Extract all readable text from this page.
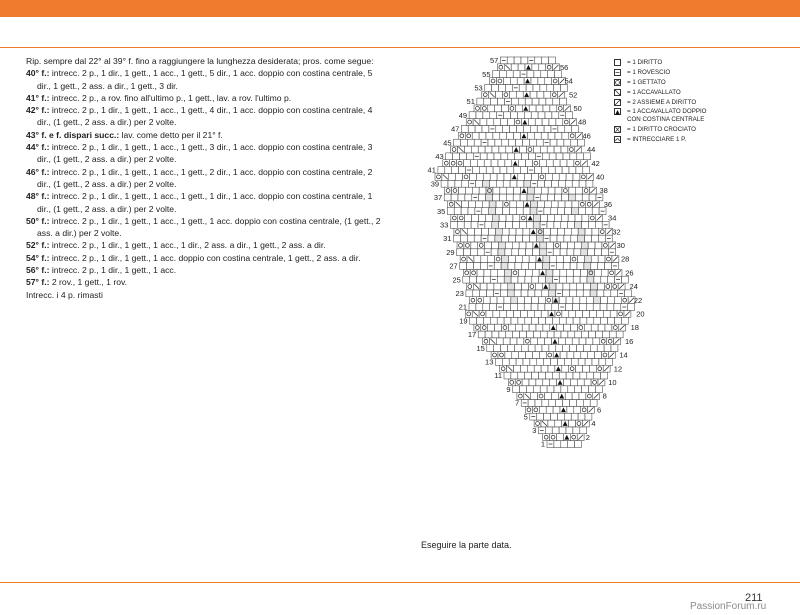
Rip. sempre dal 22° al 39° f. fino a raggiungere la lunghezza desiderata; pros. come segue:

40° f.: intrecc. 2 p., 1 dir., 1 gett., 1 acc., 1 gett., 5 dir., 1 acc. doppio con costina centrale, 5 dir., 1 gett., 2 ass. a dir., 1 gett., 3 dir.

41° f.: intrecc. 2 p., a rov. fino all'ultimo p., 1 gett., lav. a rov. l'ultimo p.

42° f.: intrecc. 2 p., 1 dir., 1 gett., 1 acc., 1 gett., 4 dir., 1 acc. doppio con costina centrale, 4 dir., (1 gett., 2 ass. a dir.) per 2 volte.

43° f. e f. dispari succ.: lav. come detto per il 21° f.

44° f.: intrecc. 2 p., 1 dir., 1 gett., 1 acc., 1 gett., 3 dir., 1 acc. doppio con costina centrale, 3 dir., (1 gett., 2 ass. a dir.) per 2 volte.

46° f.: intrecc. 2 p., 1 dir., 1 gett., 1 acc., 1 gett., 2 dir., 1 acc. doppio con costina centrale, 2 dir., (1 gett., 2 ass. a dir.) per 2 volte.

48° f.: intrecc. 2 p., 1 dir., 1 gett., 1 acc., 1 gett., 1 dir., 1 acc. doppio con costina centrale, 1 dir., (1 gett., 2 ass. a dir.) per 2 volte.

50° f.: intrecc. 2 p., 1 dir., 1 gett., 1 acc., 1 gett., 1 acc. doppio con costina centrale, (1 gett., 2 ass. a dir.) per 2 volte.

52° f.: intrecc. 2 p., 1 dir., 1 gett., 1 acc., 1 dir., 2 ass. a dir., 1 gett., 2 ass. a dir.

54° f.: intrecc. 2 p., 1 dir., 1 gett., 1 acc. doppio con costina centrale, 1 gett., 2 ass. a dir.

56° f.: intrecc. 2 p., 1 dir., 1 gett., 1 acc.

57° f.: 2 rov., 1 gett., 1 rov.

Intrecc. i 4 p. rimasti

57
55
53
51
49
47
45
43
41
39
37
35
33
31
29
27
25
23
21
19
17
15
13
11
9
7
5
3
1
56
54
52
50
48
46
44
42
40
38
36
34
32
30
28
26
24
22
20
18
16
14
12
10
8
6
4
2
= 1 DIRITTO
= 1 ROVESCIO
= 1 GETTATO
= 1 ACCAVALLATO
= 2 ASSIEME A DIRITTO
= 1 ACCAVALLATO DOPPIO
CON COSTINA CENTRALE
= 1 DIRITTO CROCIATO
= INTRECCIARE 1 P.
Eseguire la parte data.
211
PassionForum.ru
